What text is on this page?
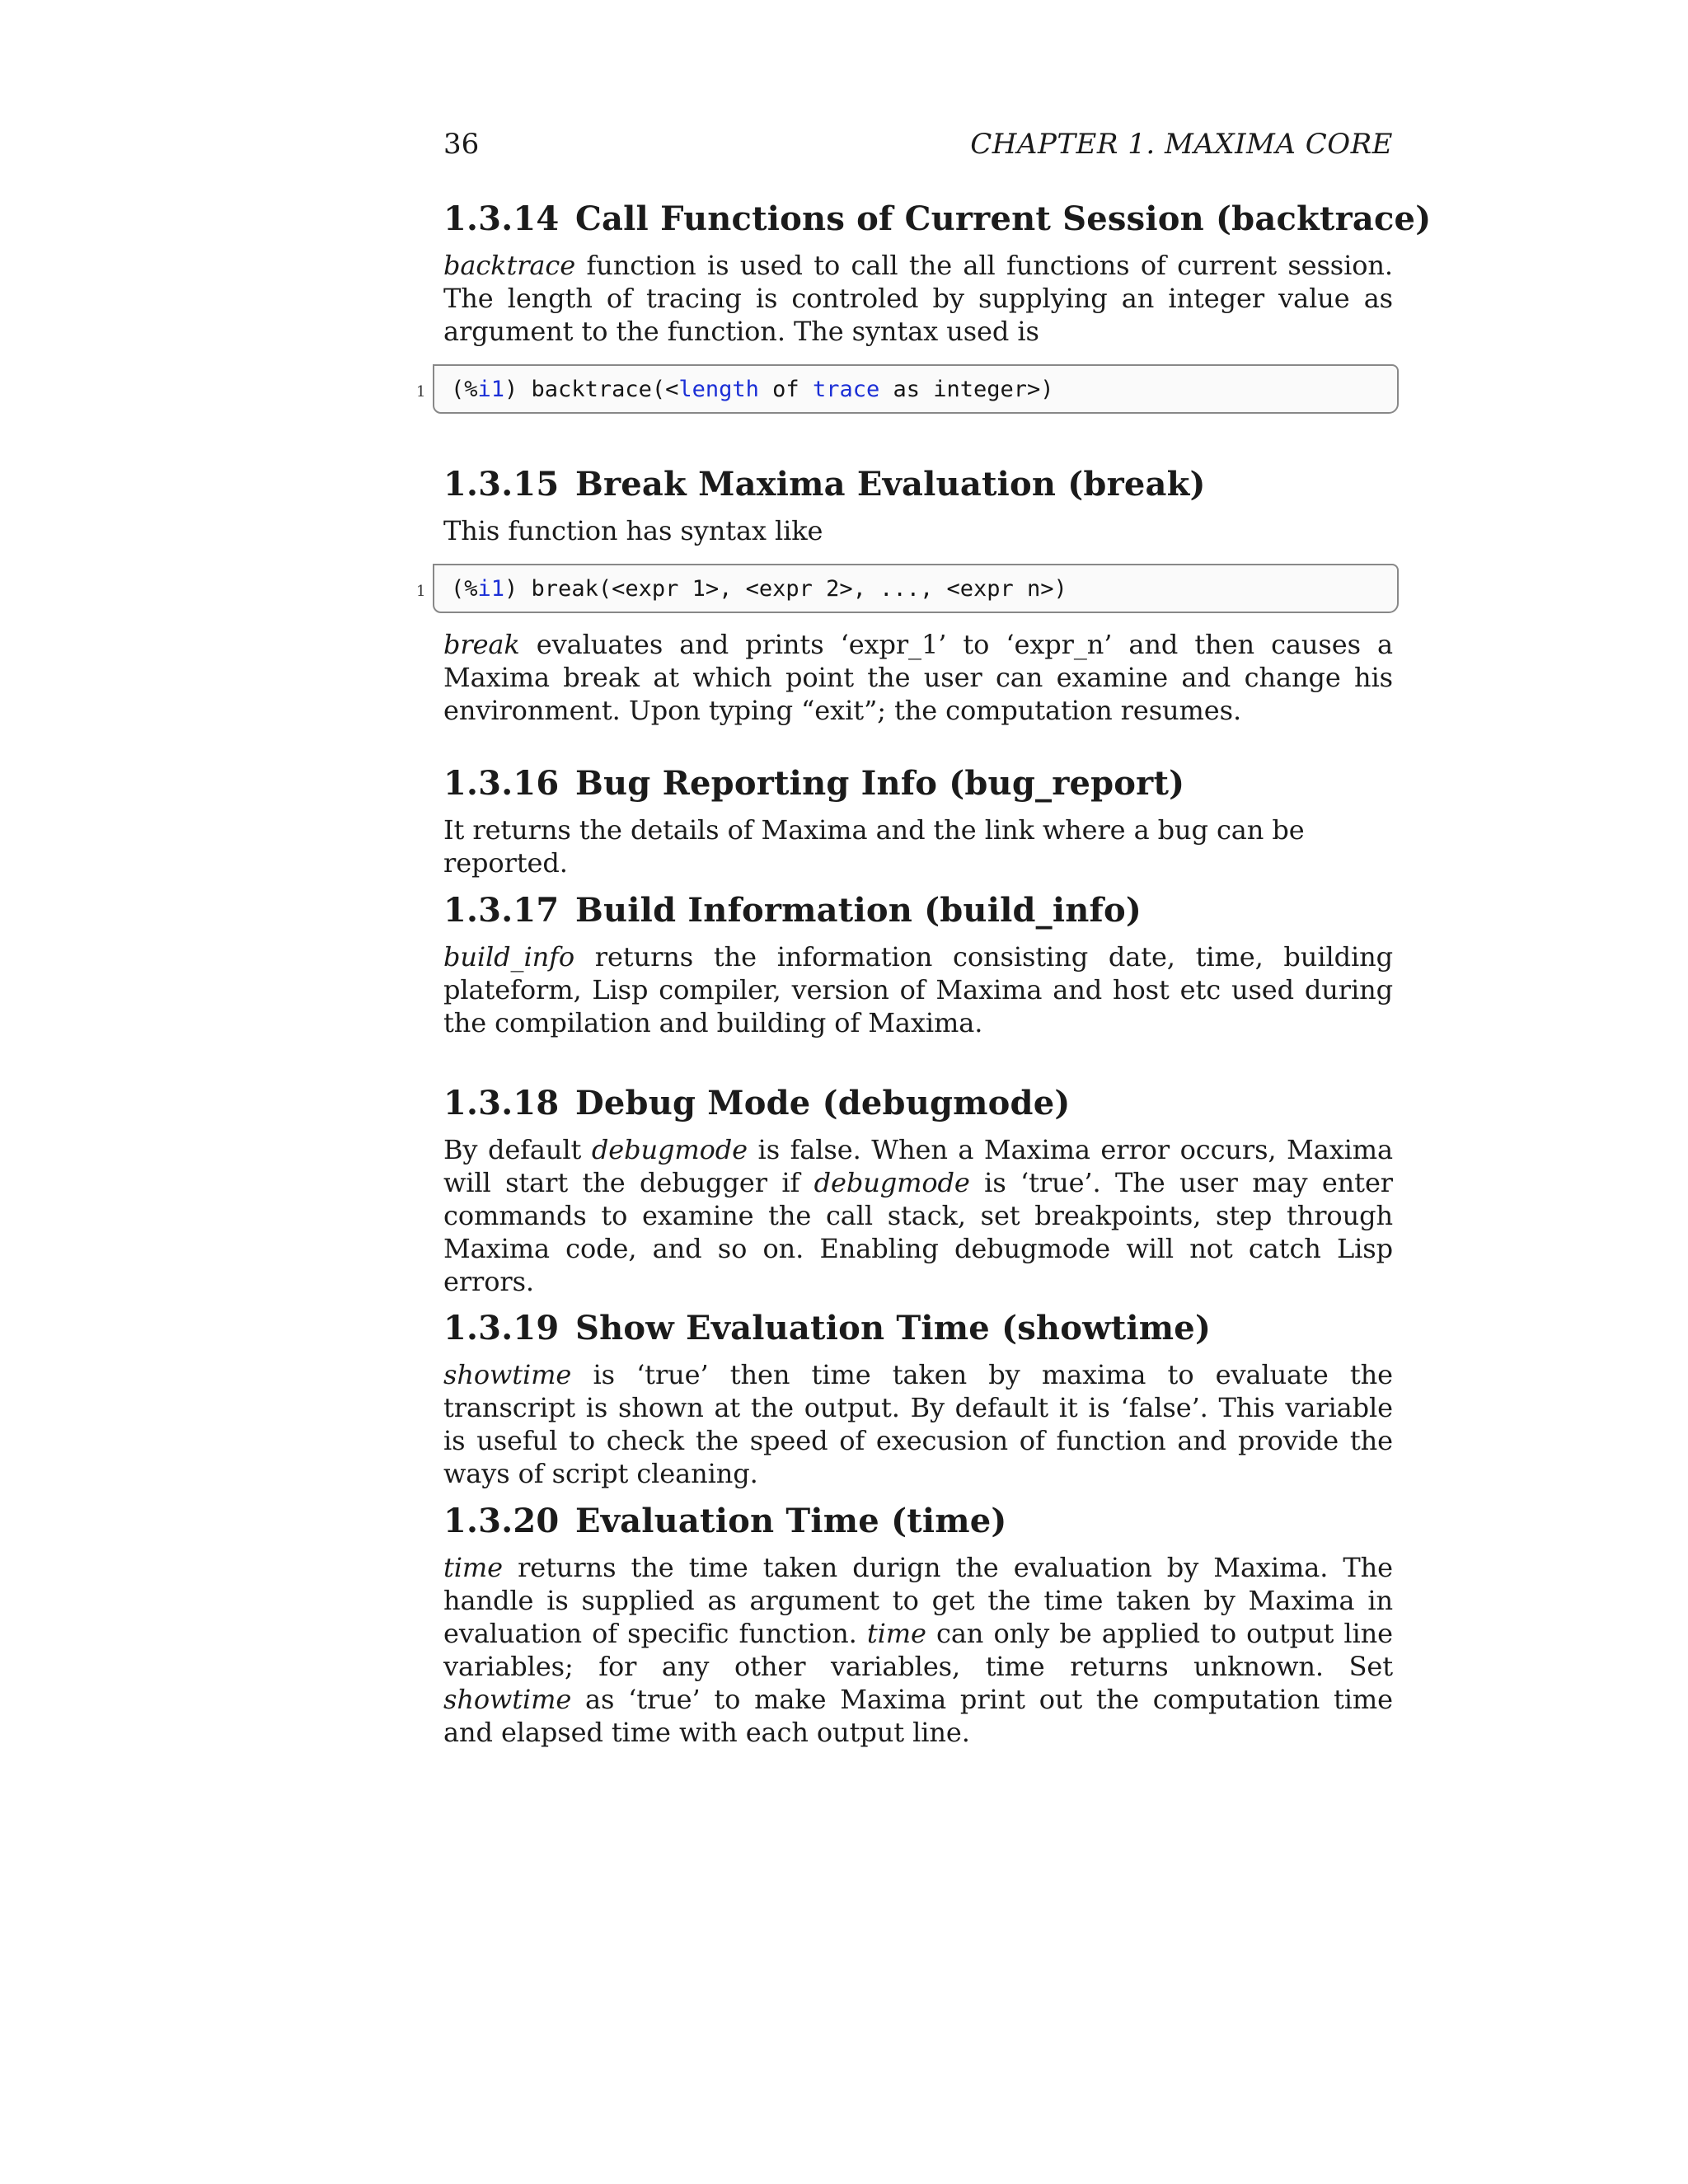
36	CHAPTER 1. MAXIMA CORE
1.3.14 Call Functions of Current Session (backtrace)

backtrace function is used to call the all functions of current session. The length of tracing is controled by supplying an integer value as argument to the function. The syntax used is

1 (%i1) backtrace(<length of trace as integer>)
1.3.15 Break Maxima Evaluation (break)

This function has syntax like

1 (%i1) break(<expr 1>, <expr 2>, ..., <expr n>)

break evaluates and prints ‘expr_1’ to ‘expr_n’ and then causes a Maxima break at which point the user can examine and change his environment. Upon typing “exit”; the computation resumes.

1.3.16 Bug Reporting Info (bug_report)

It returns the details of Maxima and the link where a bug can be reported.

1.3.17 Build Information (build_info)

build_info returns the information consisting date, time, building plateform, Lisp compiler, version of Maxima and host etc used during the compilation and building of Maxima.

1.3.18 Debug Mode (debugmode)

By default debugmode is false. When a Maxima error occurs, Maxima will start the debugger if debugmode is ‘true’. The user may enter commands to examine the call stack, set breakpoints, step through Maxima code, and so on. Enabling debugmode will not catch Lisp errors.

1.3.19 Show Evaluation Time (showtime)

showtime is ‘true’ then time taken by maxima to evaluate the transcript is shown at the output. By default it is ‘false’. This variable is useful to check the speed of execusion of function and provide the ways of script cleaning.

1.3.20 Evaluation Time (time)

time returns the time taken durign the evaluation by Maxima. The handle is supplied as argument to get the time taken by Maxima in evaluation of specific function. time can only be applied to output line variables; for any other variables, time returns unknown. Set showtime as ‘true’ to make Maxima print out the computation time and elapsed time with each output line.
